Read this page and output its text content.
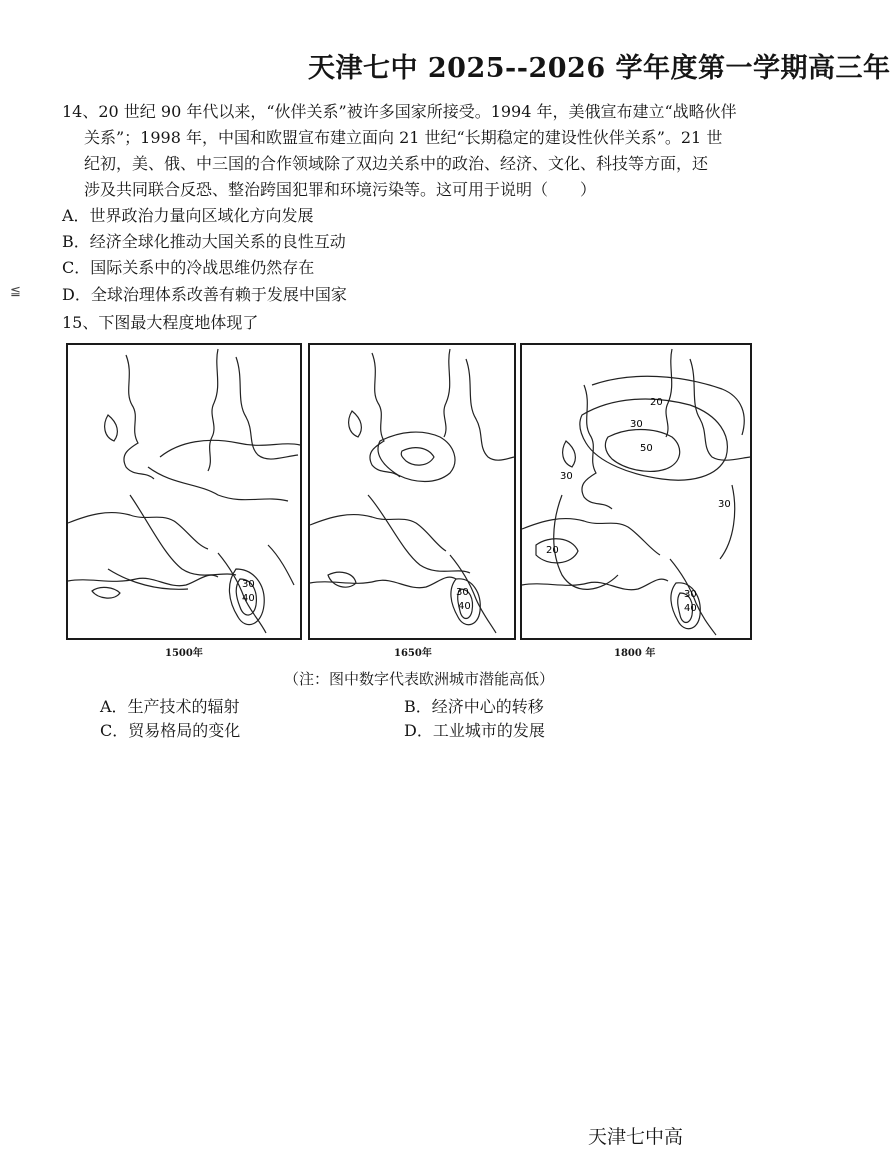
天津七中 2025--2026 学年度第一学期高三年
14、20 世纪 90 年代以来，“伙伴关系”被许多国家所接受。1994 年，美俄宣布建立“战略伙伴
关系”；1998 年，中国和欧盟宣布建立面向 21 世纪“长期稳定的建设性伙伴关系”。21 世
纪初，美、俄、中三国的合作领域除了双边关系中的政治、经济、文化、科技等方面，还
涉及共同联合反恐、整治跨国犯罪和环境污染等。这可用于说明（　　）
A．世界政治力量向区域化方向发展
B．经济全球化推动大国关系的良性互动
C．国际关系中的冷战思维仍然存在
D．全球治理体系改善有赖于发展中国家
≦
15、下图最大程度地体现了
30
40
30
40
20
30
50
30
30
20
30
40
1500年	1650年	1800 年
（注：图中数字代表欧洲城市潜能高低）
A．生产技术的辐射	B．经济中心的转移
C．贸易格局的变化	D．工业城市的发展
天津七中高
